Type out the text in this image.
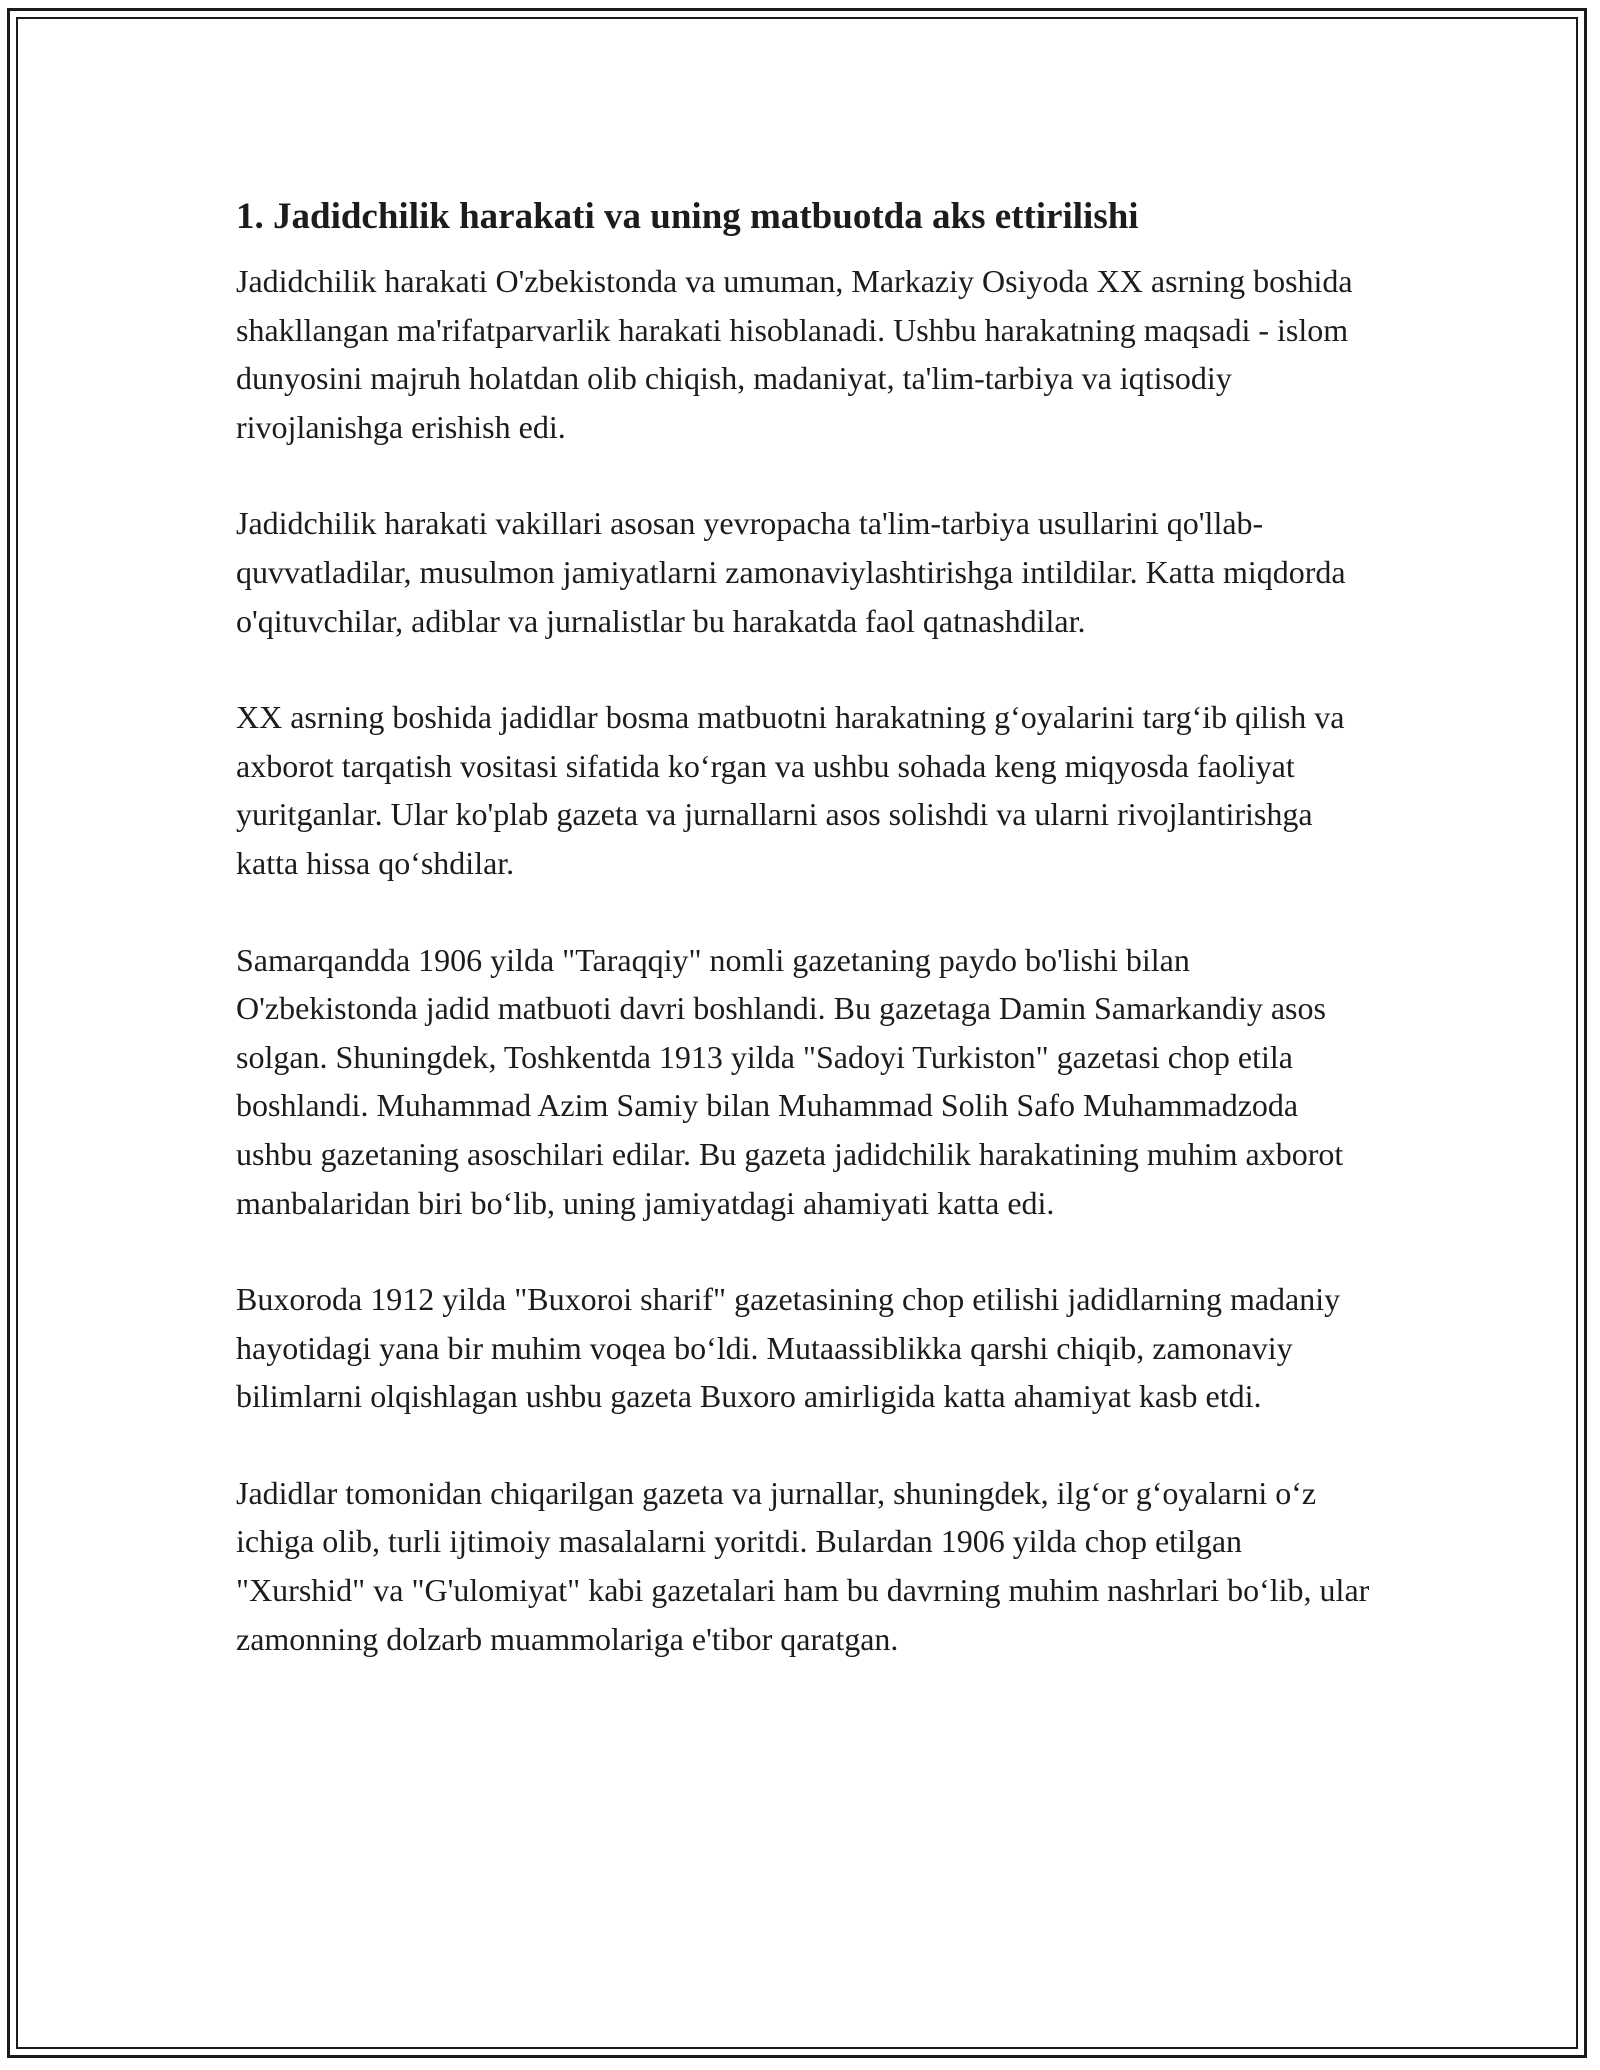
1. Jadidchilik harakati va uning matbuotda aks ettirilishi

Jadidchilik harakati O'zbekistonda va umuman, Markaziy Osiyoda XX asrning boshida shakllangan ma'rifatparvarlik harakati hisoblanadi. Ushbu harakatning maqsadi - islom dunyosini majruh holatdan olib chiqish, madaniyat, ta'lim-tarbiya va iqtisodiy rivojlanishga erishish edi.

Jadidchilik harakati vakillari asosan yevropacha ta'lim-tarbiya usullarini qo'llab-quvvatladilar, musulmon jamiyatlarni zamonaviylashtirishga intildilar. Katta miqdorda o'qituvchilar, adiblar va jurnalistlar bu harakatda faol qatnashdilar.

XX asrning boshida jadidlar bosma matbuotni harakatning g‘oyalarini targ‘ib qilish va axborot tarqatish vositasi sifatida ko‘rgan va ushbu sohada keng miqyosda faoliyat yuritganlar. Ular ko'plab gazeta va jurnallarni asos solishdi va ularni rivojlantirishga katta hissa qo‘shdilar.

Samarqandda 1906 yilda "Taraqqiy" nomli gazetaning paydo bo'lishi bilan O'zbekistonda jadid matbuoti davri boshlandi. Bu gazetaga Damin Samarkandiy asos solgan. Shuningdek, Toshkentda 1913 yilda "Sadoyi Turkiston" gazetasi chop etila boshlandi. Muhammad Azim Samiy bilan Muhammad Solih Safo Muhammadzoda ushbu gazetaning asoschilari edilar. Bu gazeta jadidchilik harakatining muhim axborot manbalaridan biri bo‘lib, uning jamiyatdagi ahamiyati katta edi.

Buxoroda 1912 yilda "Buxoroi sharif" gazetasining chop etilishi jadidlarning madaniy hayotidagi yana bir muhim voqea bo‘ldi. Mutaassiblikka qarshi chiqib, zamonaviy bilimlarni olqishlagan ushbu gazeta Buxoro amirligida katta ahamiyat kasb etdi.

Jadidlar tomonidan chiqarilgan gazeta va jurnallar, shuningdek, ilg‘or g‘oyalarni o‘z ichiga olib, turli ijtimoiy masalalarni yoritdi. Bulardan 1906 yilda chop etilgan "Xurshid" va "G'ulomiyat" kabi gazetalari ham bu davrning muhim nashrlari bo‘lib, ular zamonning dolzarb muammolariga e'tibor qaratgan.
